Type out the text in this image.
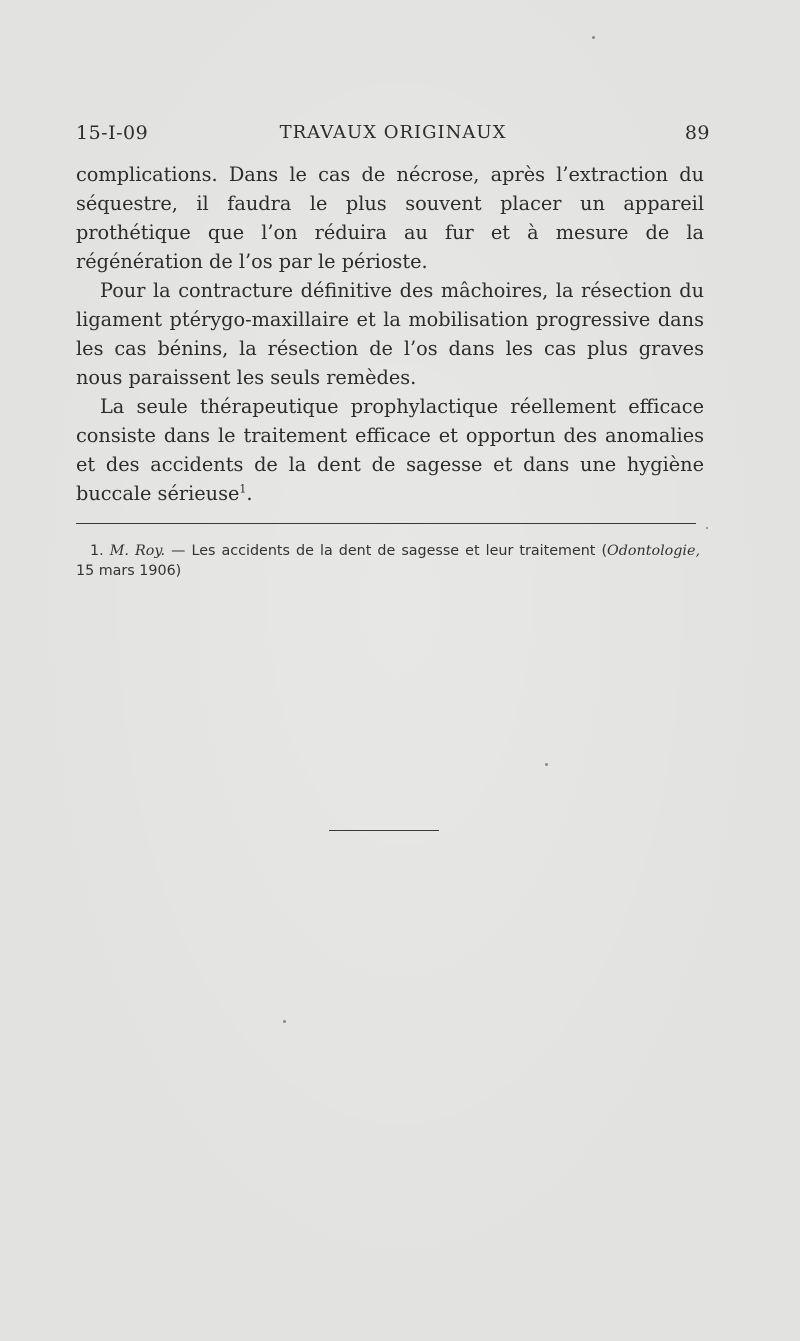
15-I-09	TRAVAUX ORIGINAUX	89

complications. Dans le cas de nécrose, après l’extraction du séquestre, il faudra le plus souvent placer un appareil prothétique que l’on réduira au fur et à mesure de la régénération de l’os par le périoste.

Pour la contracture définitive des mâchoires, la résection du ligament ptérygo-maxillaire et la mobilisation progressive dans les cas bénins, la résection de l’os dans les cas plus graves nous paraissent les seuls remèdes.

La seule thérapeutique prophylactique réellement efficace consiste dans le traitement efficace et opportun des anomalies et des accidents de la dent de sagesse et dans une hygiène buccale sérieuse$^1$.

1. M. Roy. — Les accidents de la dent de sagesse et leur traitement (Odontologie, 15 mars 1906)
